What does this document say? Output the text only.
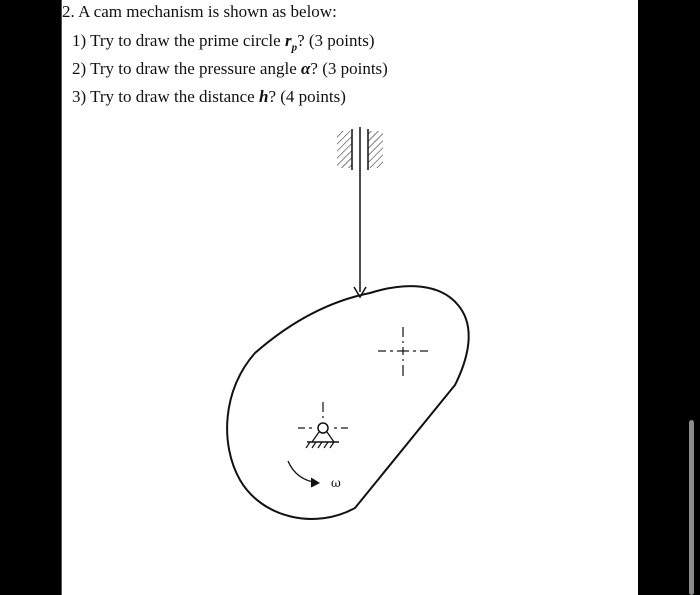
2. A cam mechanism is shown as below:
1) Try to draw the prime circle $r_p$? (3 points)
2) Try to draw the pressure angle α? (3 points)
3) Try to draw the distance h? (4 points)
ω
